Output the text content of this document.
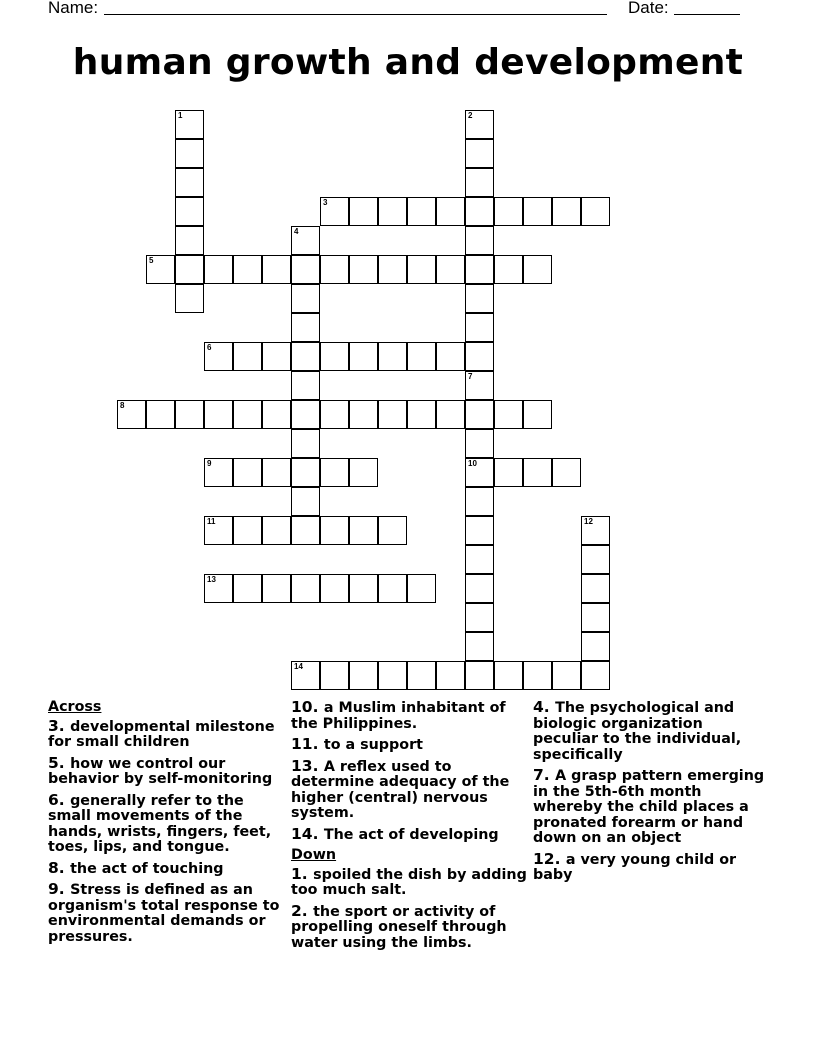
Name:	Date:
human growth and development
1	2
3
4
5
6
7
10
8
9
11	12
13
14
Across
3. developmental milestone for small children
5. how we control our behavior by self-monitoring
6. generally refer to the small movements of the hands, wrists, fingers, feet, toes, lips, and tongue.
8. the act of touching
9. Stress is defined as an organism's total response to environmental demands or pressures.
10. a Muslim inhabitant of the Philippines.
11. to a support
13. A reflex used to determine adequacy of the higher (central) nervous system.
14. The act of developing
Down
1. spoiled the dish by adding too much salt.
2. the sport or activity of propelling oneself through water using the limbs.
4. The psychological and biologic organization peculiar to the individual, specifically
7. A grasp pattern emerging in the 5th-6th month whereby the child places a pronated forearm or hand down on an object
12. a very young child or baby
